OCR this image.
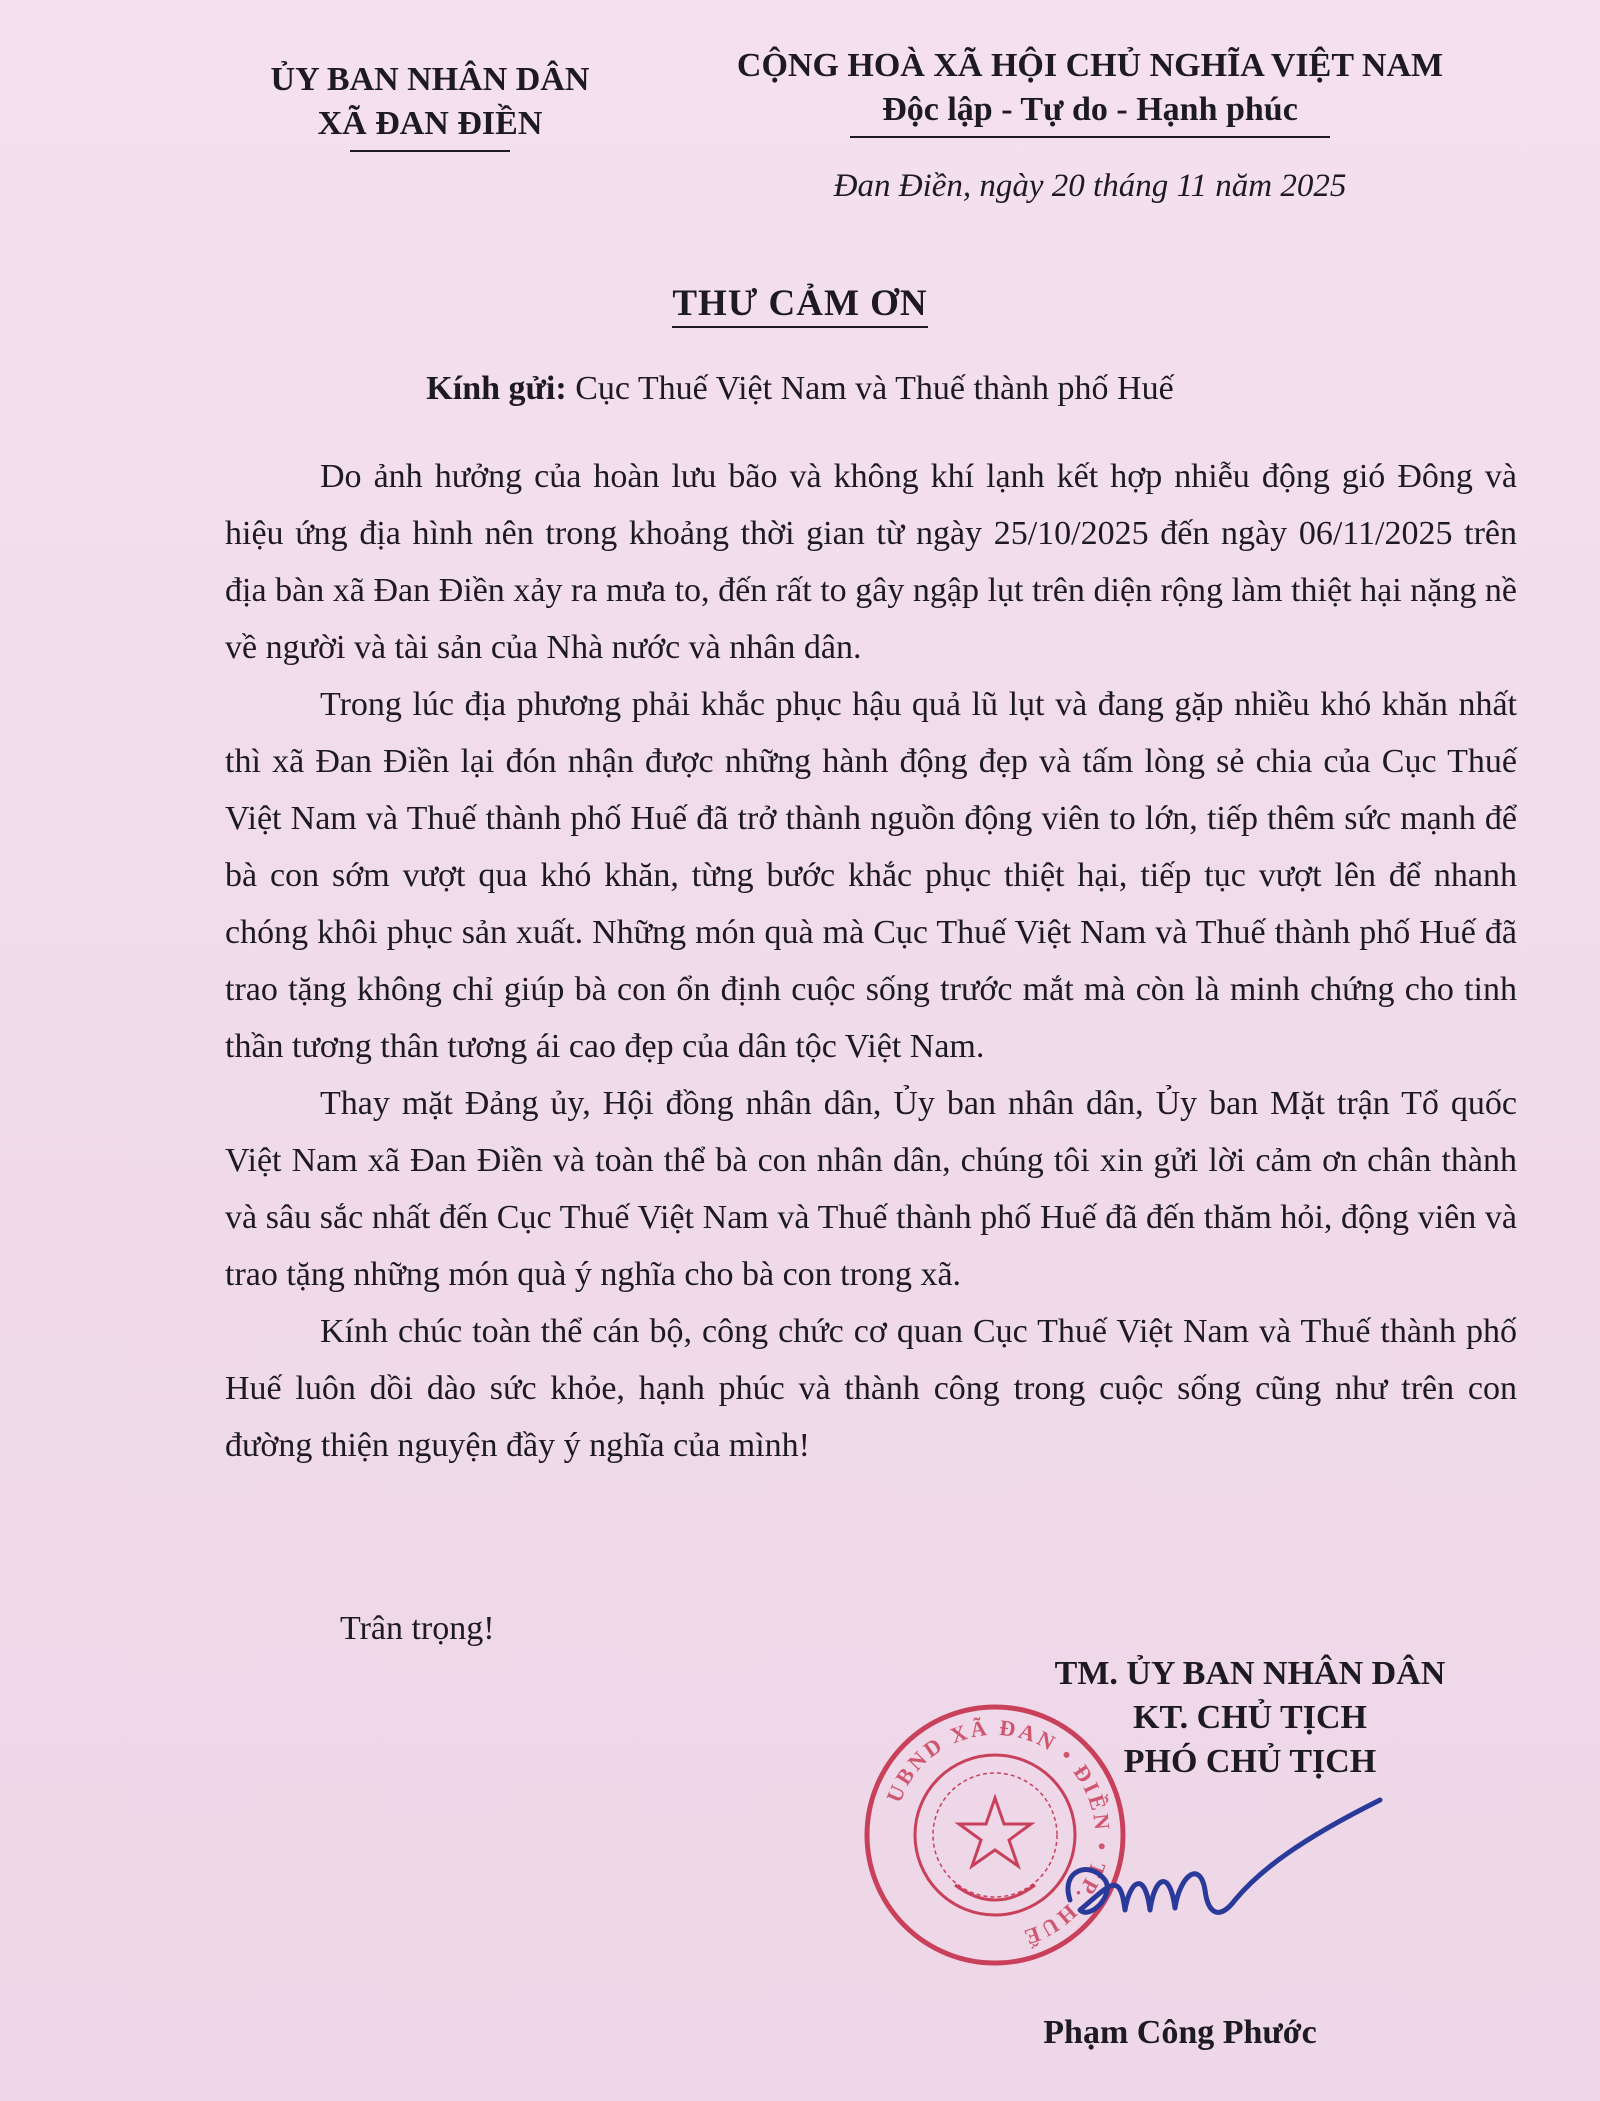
ỦY BAN NHÂN DÂN
XÃ ĐAN ĐIỀN
CỘNG HOÀ XÃ HỘI CHỦ NGHĨA VIỆT NAM
Độc lập - Tự do - Hạnh phúc
Đan Điền, ngày 20 tháng 11 năm 2025
THƯ CẢM ƠN
Kính gửi: Cục Thuế Việt Nam và Thuế thành phố Huế

Do ảnh hưởng của hoàn lưu bão và không khí lạnh kết hợp nhiễu động gió Đông và hiệu ứng địa hình nên trong khoảng thời gian từ ngày 25/10/2025 đến ngày 06/11/2025 trên địa bàn xã Đan Điền xảy ra mưa to, đến rất to gây ngập lụt trên diện rộng làm thiệt hại nặng nề về người và tài sản của Nhà nước và nhân dân.

Trong lúc địa phương phải khắc phục hậu quả lũ lụt và đang gặp nhiều khó khăn nhất thì xã Đan Điền lại đón nhận được những hành động đẹp và tấm lòng sẻ chia của Cục Thuế Việt Nam và Thuế thành phố Huế đã trở thành nguồn động viên to lớn, tiếp thêm sức mạnh để bà con sớm vượt qua khó khăn, từng bước khắc phục thiệt hại, tiếp tục vượt lên để nhanh chóng khôi phục sản xuất. Những món quà mà Cục Thuế Việt Nam và Thuế thành phố Huế đã trao tặng không chỉ giúp bà con ổn định cuộc sống trước mắt mà còn là minh chứng cho tinh thần tương thân tương ái cao đẹp của dân tộc Việt Nam.

Thay mặt Đảng ủy, Hội đồng nhân dân, Ủy ban nhân dân, Ủy ban Mặt trận Tổ quốc Việt Nam xã Đan Điền và toàn thể bà con nhân dân, chúng tôi xin gửi lời cảm ơn chân thành và sâu sắc nhất đến Cục Thuế Việt Nam và Thuế thành phố Huế đã đến thăm hỏi, động viên và trao tặng những món quà ý nghĩa cho bà con trong xã.

Kính chúc toàn thể cán bộ, công chức cơ quan Cục Thuế Việt Nam và Thuế thành phố Huế luôn dồi dào sức khỏe, hạnh phúc và thành công trong cuộc sống cũng như trên con đường thiện nguyện đầy ý nghĩa của mình!

Trân trọng!
UBND XÃ ĐAN • ĐIỀN • TP. HUẾ
TM. ỦY BAN NHÂN DÂN
KT. CHỦ TỊCH
PHÓ CHỦ TỊCH
Phạm Công Phước
